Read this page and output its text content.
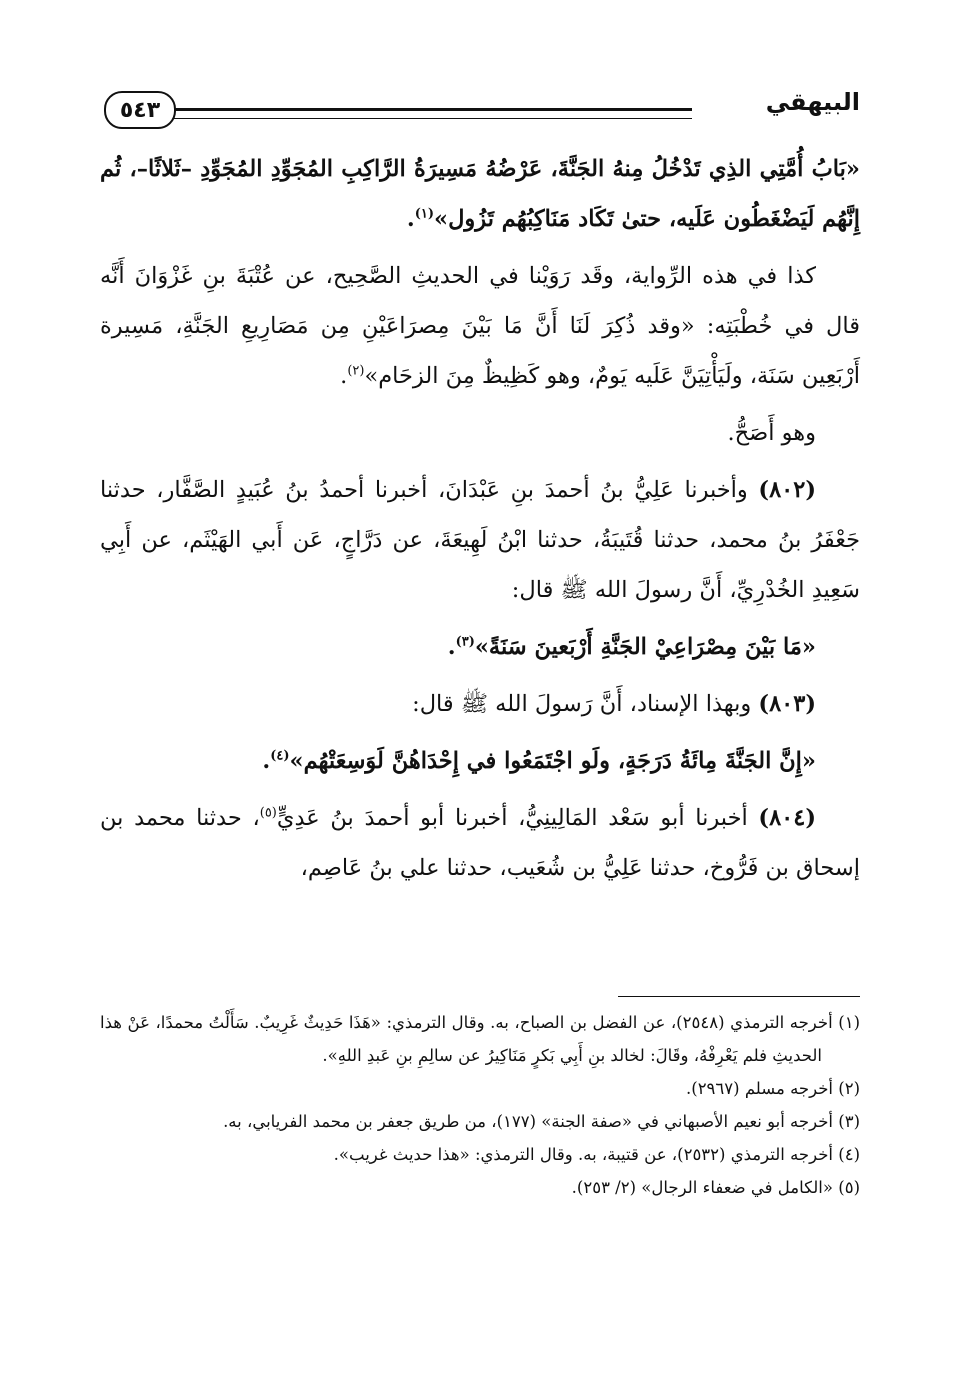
البيهقي
٥٤٣

«بَابُ أُمَّتِي الذِي تَدْخُلُ مِنهُ الجَنَّةَ، عَرْضُهُ مَسِيرَةُ الرَّاكِبِ المُجَوِّدِ المُجَوِّدِ –ثَلاثًا–، ثُم إِنَّهُم لَيَضْغَطُون عَلَيه، حتىٰ تَكَاد مَنَاكِبُهُم تَزُول»$^{(١)}$.

كذا في هذه الرِّواية، وقَد رَوَيْنا في الحديثِ الصَّحِيح، عن عُتْبَةَ بنِ غَزْوَانَ أَنَّه قال في خُطْبَتِه: «وقد ذُكِرَ لَنَا أَنَّ مَا بَيْنَ مِصرَاعَيْنِ مِن مَصَارِيعِ الجَنَّةِ، مَسِيرة أَرْبَعِين سَنَة، ولَيَأْتِيَنَّ عَلَيه يَومٌ، وهو كَظِيظٌ مِنَ الزحَام»$^{(٢)}$.

وهو أَصَحُّ.

(٨٠٢) وأخبرنا عَلِيُّ بنُ أحمدَ بنِ عَبْدَانَ، أخبرنا أحمدُ بنُ عُبَيدٍ الصَّفَّار، حدثنا جَعْفَرُ بنُ محمد، حدثنا قُتَيبَةُ، حدثنا ابْنُ لَهِيعَةَ، عن دَرَّاجٍ، عَن أَبي الهَيْثَم، عن أَبِي سَعِيدِ الخُدْرِيِّ، أَنَّ رسولَ الله ﷺ قال:

«مَا بَيْنَ مِصْرَاعِيْ الجَنَّةِ أَرْبَعينَ سَنَةً»$^{(٣)}$.

(٨٠٣) وبهذا الإسناد، أَنَّ رَسولَ الله ﷺ قال:

«إِنَّ الجَنَّةَ مِائَةُ دَرَجَةٍ، ولَو اجْتَمَعُوا في إِحْدَاهُنَّ لَوَسِعَتْهُم»$^{(٤)}$.

(٨٠٤) أخبرنا أبو سَعْد المَالِينِيُّ، أخبرنا أبو أحمدَ بنُ عَدِيٍّ$^{(٥)}$، حدثنا محمد بن إسحاق بن فَرُّوخ، حدثنا عَلِيُّ بن شُعَيب، حدثنا علي بنُ عَاصِم،

(١) أخرجه الترمذي (٢٥٤٨)، عن الفضل بن الصباح، به. وقال الترمذي: «هَذَا حَدِيثٌ غَرِيبٌ. سَأَلْتُ محمدًا، عَنْ هذا الحديثِ فلم يَعْرِفْهُ، وقَالَ: لخالد بنِ أَبِي بَكرٍ مَنَاكِيرُ عن سالِمِ بنِ عَبدِ اللهِ».

(٢) أخرجه مسلم (٢٩٦٧).

(٣) أخرجه أبو نعيم الأصبهاني في «صفة الجنة» (١٧٧)، من طريق جعفر بن محمد الفريابي، به.

(٤) أخرجه الترمذي (٢٥٣٢)، عن قتيبة، به. وقال الترمذي: «هذا حديث غريب».

(٥) «الكامل في ضعفاء الرجال» (٢/ ٢٥٣).
